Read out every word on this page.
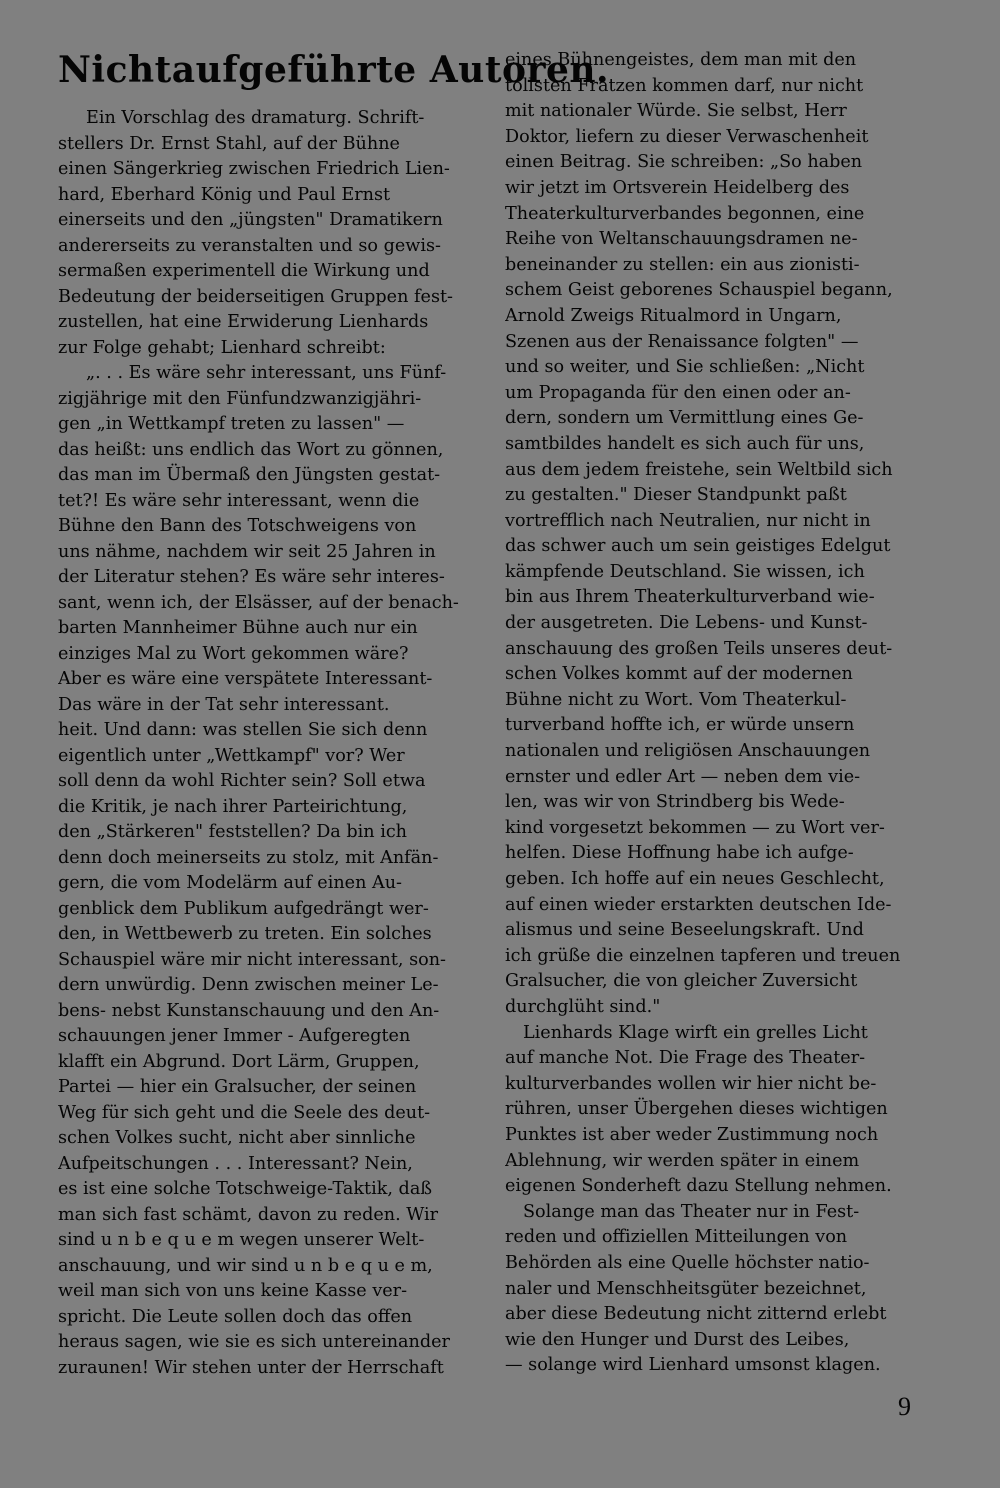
Nichtaufgeführte Autoren.
Ein Vorschlag des dramaturg. Schrift-
stellers Dr. Ernst Stahl, auf der Bühne
einen Sängerkrieg zwischen Friedrich Lien-
hard, Eberhard König und Paul Ernst
einerseits und den „jüngsten" Dramatikern
andererseits zu veranstalten und so gewis-
sermaßen experimentell die Wirkung und
Bedeutung der beiderseitigen Gruppen fest-
zustellen, hat eine Erwiderung Lienhards
zur Folge gehabt; Lienhard schreibt:
„. . . Es wäre sehr interessant, uns Fünf-
zigjährige mit den Fünfundzwanzigjähri-
gen „in Wettkampf treten zu lassen" —
das heißt: uns endlich das Wort zu gönnen,
das man im Übermaß den Jüngsten gestat-
tet?! Es wäre sehr interessant, wenn die
Bühne den Bann des Totschweigens von
uns nähme, nachdem wir seit 25 Jahren in
der Literatur stehen? Es wäre sehr interes-
sant, wenn ich, der Elsässer, auf der benach-
barten Mannheimer Bühne auch nur ein
einziges Mal zu Wort gekommen wäre?
Aber es wäre eine verspätete Interessant-
Das wäre in der Tat sehr interessant.
heit. Und dann: was stellen Sie sich denn
eigentlich unter „Wettkampf" vor? Wer
soll denn da wohl Richter sein? Soll etwa
die Kritik, je nach ihrer Parteirichtung,
den „Stärkeren" feststellen? Da bin ich
denn doch meinerseits zu stolz, mit Anfän-
gern, die vom Modelärm auf einen Au-
genblick dem Publikum aufgedrängt wer-
den, in Wettbewerb zu treten. Ein solches
Schauspiel wäre mir nicht interessant, son-
dern unwürdig. Denn zwischen meiner Le-
bens- nebst Kunstanschauung und den An-
schauungen jener Immer - Aufgeregten
klafft ein Abgrund. Dort Lärm, Gruppen,
Partei — hier ein Gralsucher, der seinen
Weg für sich geht und die Seele des deut-
schen Volkes sucht, nicht aber sinnliche
Aufpeitschungen . . . Interessant? Nein,
es ist eine solche Totschweige-Taktik, daß
man sich fast schämt, davon zu reden. Wir
sind u n b e q u e m wegen unserer Welt-
anschauung, und wir sind u n b e q u e m,
weil man sich von uns keine Kasse ver-
spricht. Die Leute sollen doch das offen
heraus sagen, wie sie es sich untereinander
zuraunen! Wir stehen unter der Herrschaft
eines Bühnengeistes, dem man mit den
tollsten Fratzen kommen darf, nur nicht
mit nationaler Würde. Sie selbst, Herr
Doktor, liefern zu dieser Verwaschenheit
einen Beitrag. Sie schreiben: „So haben
wir jetzt im Ortsverein Heidelberg des
Theaterkulturverbandes begonnen, eine
Reihe von Weltanschauungsdramen ne-
beneinander zu stellen: ein aus zionisti-
schem Geist geborenes Schauspiel begann,
Arnold Zweigs Ritualmord in Ungarn,
Szenen aus der Renaissance folgten" —
und so weiter, und Sie schließen: „Nicht
um Propaganda für den einen oder an-
dern, sondern um Vermittlung eines Ge-
samtbildes handelt es sich auch für uns,
aus dem jedem freistehe, sein Weltbild sich
zu gestalten." Dieser Standpunkt paßt
vortrefflich nach Neutralien, nur nicht in
das schwer auch um sein geistiges Edelgut
kämpfende Deutschland. Sie wissen, ich
bin aus Ihrem Theaterkulturverband wie-
der ausgetreten. Die Lebens- und Kunst-
anschauung des großen Teils unseres deut-
schen Volkes kommt auf der modernen
Bühne nicht zu Wort. Vom Theaterkul-
turverband hoffte ich, er würde unsern
nationalen und religiösen Anschauungen
ernster und edler Art — neben dem vie-
len, was wir von Strindberg bis Wede-
kind vorgesetzt bekommen — zu Wort ver-
helfen. Diese Hoffnung habe ich aufge-
geben. Ich hoffe auf ein neues Geschlecht,
auf einen wieder erstarkten deutschen Ide-
alismus und seine Beseelungskraft. Und
ich grüße die einzelnen tapferen und treuen
Gralsucher, die von gleicher Zuversicht
durchglüht sind."
Lienhards Klage wirft ein grelles Licht
auf manche Not. Die Frage des Theater-
kulturverbandes wollen wir hier nicht be-
rühren, unser Übergehen dieses wichtigen
Punktes ist aber weder Zustimmung noch
Ablehnung, wir werden später in einem
eigenen Sonderheft dazu Stellung nehmen.
Solange man das Theater nur in Fest-
reden und offiziellen Mitteilungen von
Behörden als eine Quelle höchster natio-
naler und Menschheitsgüter bezeichnet,
aber diese Bedeutung nicht zitternd erlebt
wie den Hunger und Durst des Leibes,
— solange wird Lienhard umsonst klagen.
9
